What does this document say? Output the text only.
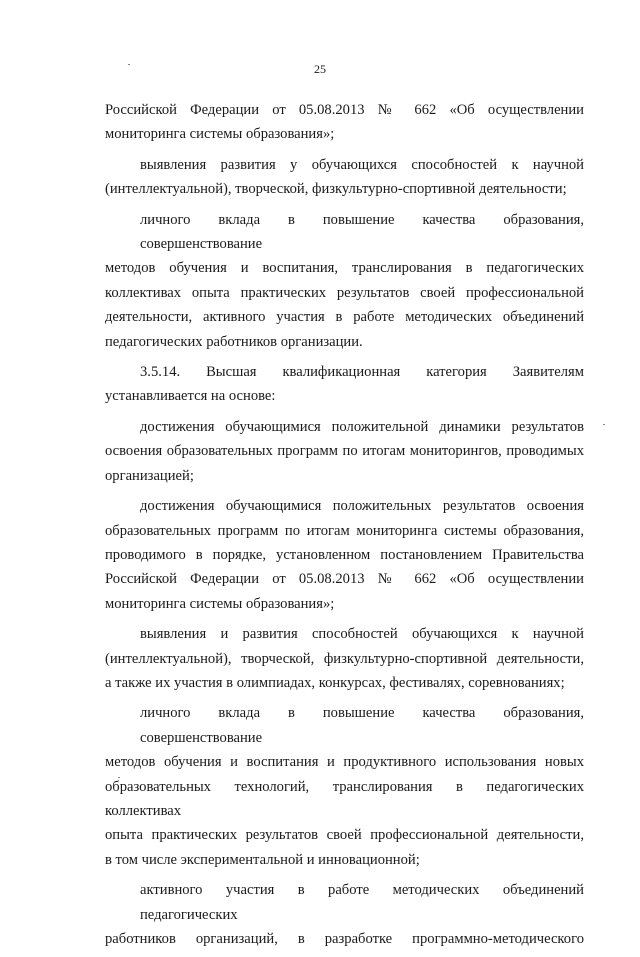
25
Российской Федерации от 05.08.2013 № 662 «Об осуществлении
мониторинга системы образования»;
выявления развития у обучающихся способностей к научной
(интеллектуальной), творческой, физкультурно-спортивной деятельности;
личного вклада в повышение качества образования, совершенствование
методов обучения и воспитания, транслирования в педагогических
коллективах опыта практических результатов своей профессиональной
деятельности, активного участия в работе методических объединений
педагогических работников организации.
3.5.14. Высшая квалификационная категория Заявителям
устанавливается на основе:
достижения обучающимися положительной динамики результатов
освоения образовательных программ по итогам мониторингов, проводимых
организацией;
достижения обучающимися положительных результатов освоения
образовательных программ по итогам мониторинга системы образования,
проводимого в порядке, установленном постановлением Правительства
Российской Федерации от 05.08.2013 № 662 «Об осуществлении
мониторинга системы образования»;
выявления и развития способностей обучающихся к научной
(интеллектуальной), творческой, физкультурно-спортивной деятельности,
а также их участия в олимпиадах, конкурсах, фестивалях, соревнованиях;
личного вклада в повышение качества образования, совершенствование
методов обучения и воспитания и продуктивного использования новых
образовательных технологий, транслирования в педагогических коллективах
опыта практических результатов своей профессиональной деятельности,
в том числе экспериментальной и инновационной;
активного участия в работе методических объединений педагогических
работников организаций, в разработке программно-методического
